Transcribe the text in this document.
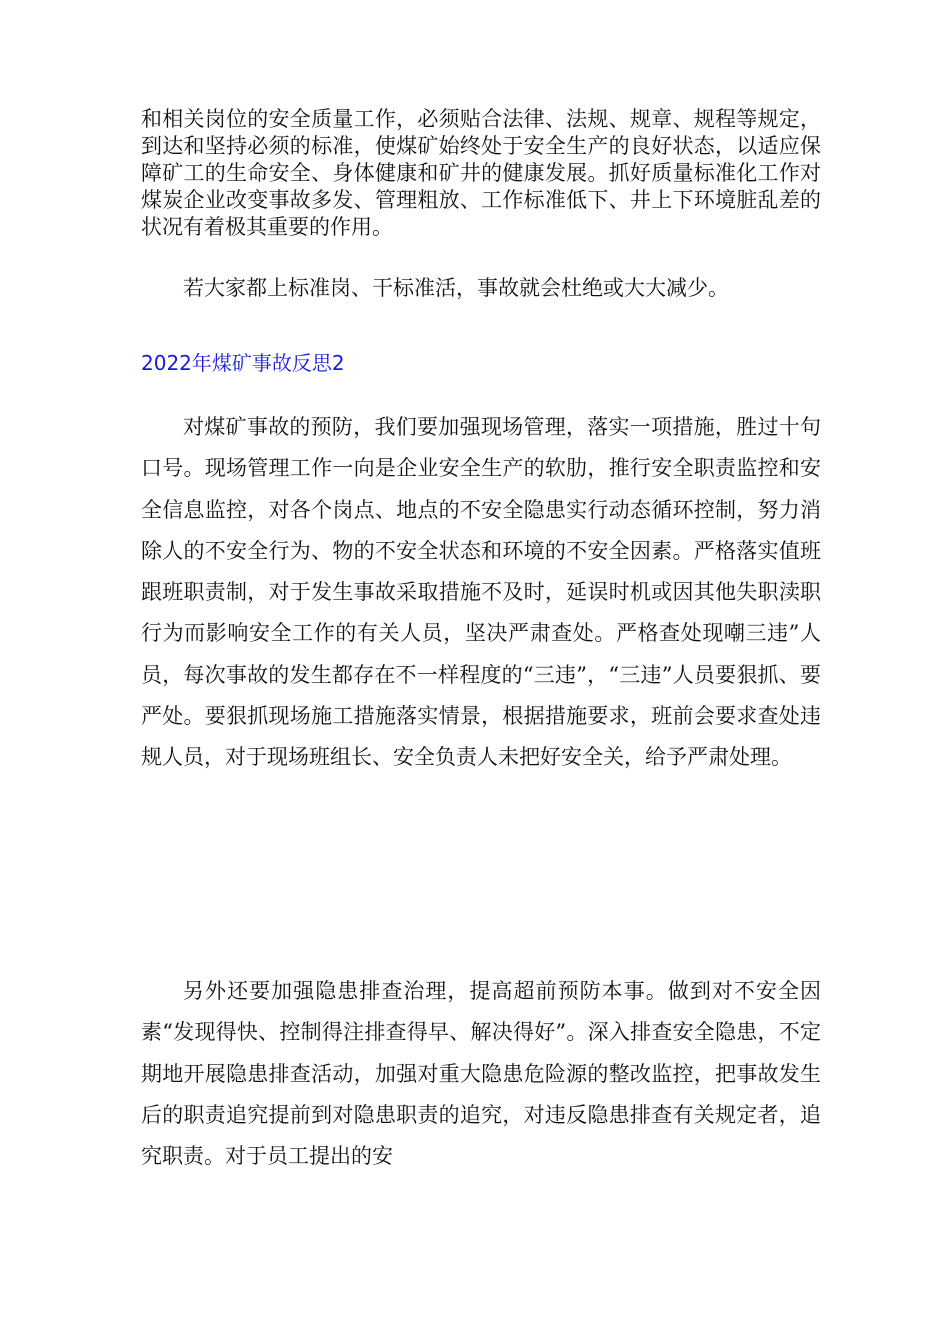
和相关岗位的安全质量工作，必须贴合法律、法规、规章、规程等规定，到达和坚持必须的标准，使煤矿始终处于安全生产的良好状态，以适应保障矿工的生命安全、身体健康和矿井的健康发展。抓好质量标准化工作对煤炭企业改变事故多发、管理粗放、工作标准低下、井上下环境脏乱差的状况有着极其重要的作用。

若大家都上标准岗、干标准活，事故就会杜绝或大大减少。

2022年煤矿事故反思2

对煤矿事故的预防，我们要加强现场管理，落实一项措施，胜过十句口号。现场管理工作一向是企业安全生产的软肋，推行安全职责监控和安全信息监控，对各个岗点、地点的不安全隐患实行动态循环控制，努力消除人的不安全行为、物的不安全状态和环境的不安全因素。严格落实值班跟班职责制，对于发生事故采取措施不及时，延误时机或因其他失职渎职行为而影响安全工作的有关人员，坚决严肃查处。严格查处现嘲三违”人员，每次事故的发生都存在不一样程度的“三违”，“三违”人员要狠抓、要严处。要狠抓现场施工措施落实情景，根据措施要求，班前会要求查处违规人员，对于现场班组长、安全负责人未把好安全关，给予严肃处理。

另外还要加强隐患排查治理，提高超前预防本事。做到对不安全因素“发现得快、控制得注排查得早、解决得好”。深入排查安全隐患，不定期地开展隐患排查活动，加强对重大隐患危险源的整改监控，把事故发生后的职责追究提前到对隐患职责的追究，对违反隐患排查有关规定者，追究职责。对于员工提出的安
